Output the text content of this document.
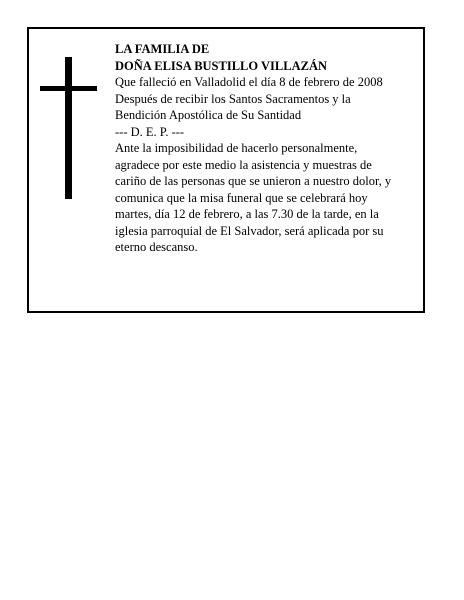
LA FAMILIA DE
DOÑA ELISA BUSTILLO VILLAZÁN
Que falleció en Valladolid el día 8 de febrero de 2008
Después de recibir los Santos Sacramentos y la
Bendición Apostólica de Su Santidad
--- D. E. P. ---
Ante la imposibilidad de hacerlo personalmente,
agradece por este medio la asistencia y muestras de
cariño de las personas que se unieron a nuestro dolor, y
comunica que la misa funeral que se celebrará hoy
martes, día 12 de febrero, a las 7.30 de la tarde, en la
iglesia parroquial de El Salvador, será aplicada por su
eterno descanso.
